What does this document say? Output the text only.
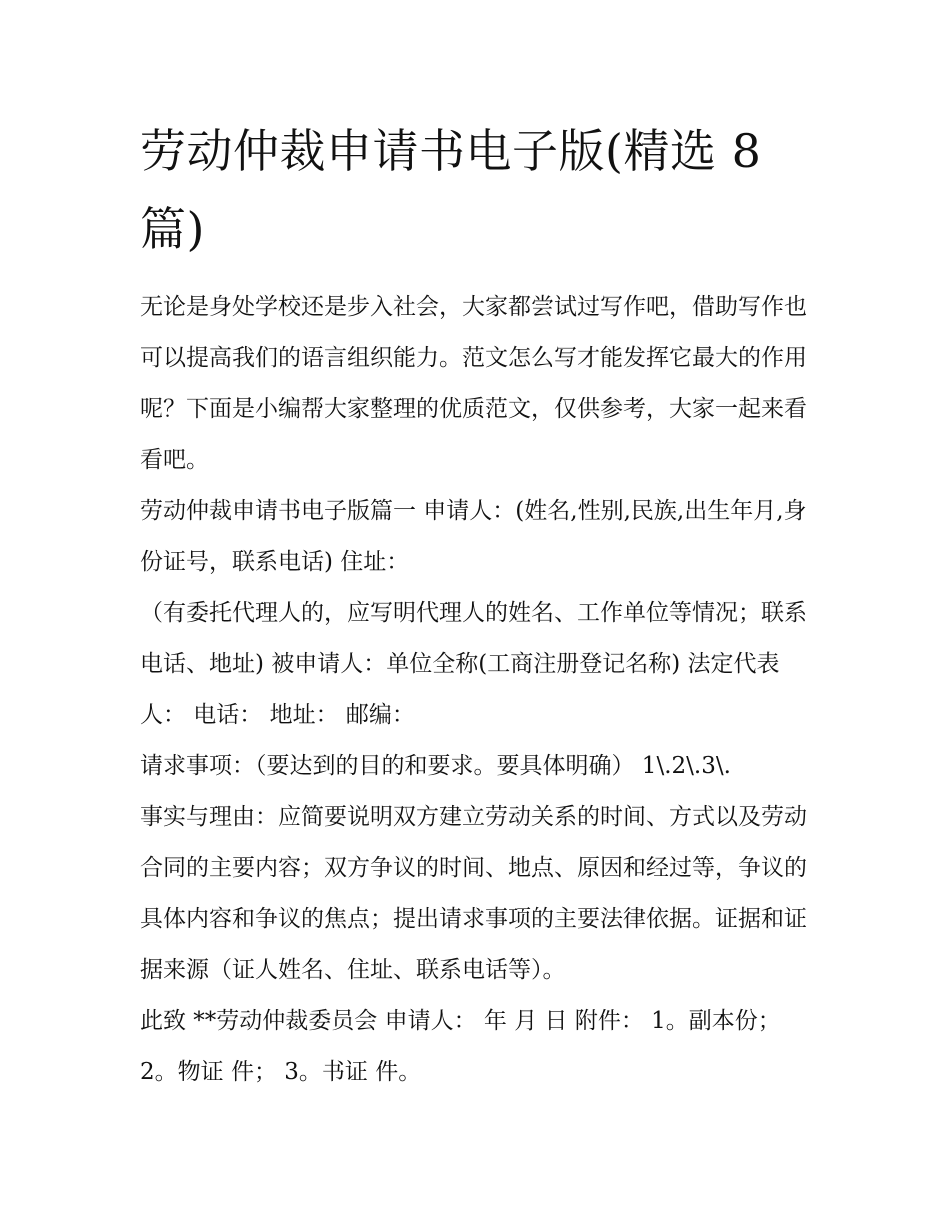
劳动仲裁申请书电子版(精选 8 篇)

无论是身处学校还是步入社会，大家都尝试过写作吧，借助写作也可以提高我们的语言组织能力。范文怎么写才能发挥它最大的作用呢？下面是小编帮大家整理的优质范文，仅供参考，大家一起来看看吧。

劳动仲裁申请书电子版篇一 申请人：(姓名,性别,民族,出生年月,身份证号，联系电话) 住址：

（有委托代理人的，应写明代理人的姓名、工作单位等情况；联系电话、地址) 被申请人：单位全称(工商注册登记名称) 法定代表人： 电话： 地址： 邮编：

请求事项：（要达到的目的和要求。要具体明确） 1\.2\.3\.

事实与理由：应简要说明双方建立劳动关系的时间、方式以及劳动合同的主要内容；双方争议的时间、地点、原因和经过等，争议的具体内容和争议的焦点；提出请求事项的主要法律依据。证据和证据来源（证人姓名、住址、联系电话等）。

此致 **劳动仲裁委员会 申请人： 年 月 日 附件： 1。副本份； 2。物证 件； 3。书证 件。
